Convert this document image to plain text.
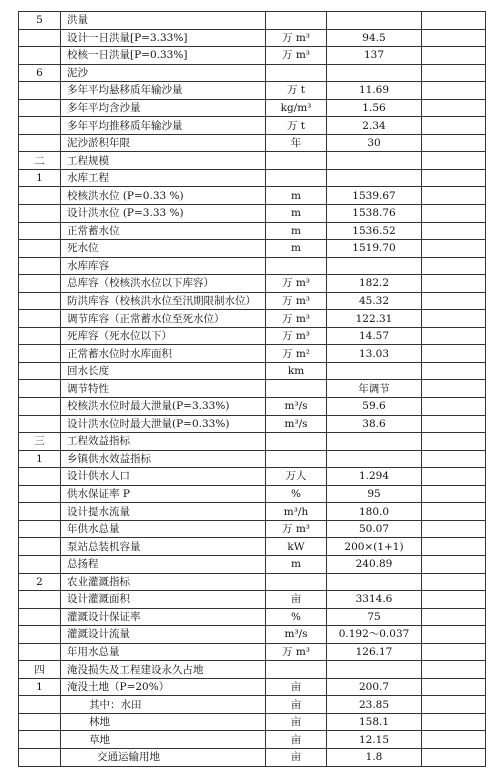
5	洪量			
	设计一日洪量[P=3.33%]	万 m³	94.5	
	校核一日洪量[P=0.33%]	万 m³	137	
6	泥沙			
	多年平均悬移质年输沙量	万 t	11.69	
	多年平均含沙量	kg/m³	1.56	
	多年平均推移质年输沙量	万 t	2.34	
	泥沙淤积年限	年	30	
二	工程规模			
1	水库工程			
	校核洪水位 (P=0.33 %)	m	1539.67	
	设计洪水位 (P=3.33 %)	m	1538.76	
	正常蓄水位	m	1536.52	
	死水位	m	1519.70	
	水库库容			
	总库容（校核洪水位以下库容）	万 m³	182.2	
	防洪库容（校核洪水位至汛期限制水位）	万 m³	45.32	
	调节库容（正常蓄水位至死水位）	万 m³	122.31	
	死库容（死水位以下）	万 m³	14.57	
	正常蓄水位时水库面积	万 m²	13.03	
	回水长度	km		
	调节特性		年调节	
	校核洪水位时最大泄量(P=3.33%)	m³/s	59.6	
	设计洪水位时最大泄量(P=0.33%)	m³/s	38.6	
三	工程效益指标			
1	乡镇供水效益指标			
	设计供水人口	万人	1.294	
	供水保证率 P	%	95	
	设计提水流量	m³/h	180.0	
	年供水总量	万 m³	50.07	
	泵站总装机容量	kW	200×(1+1)	
	总扬程	m	240.89	
2	农业灌溉指标			
	设计灌溉面积	亩	3314.6	
	灌溉设计保证率	%	75	
	灌溉设计流量	m³/s	0.192～0.037	
	年用水总量	万 m³	126.17	
四	淹没损失及工程建设永久占地			
1	淹没土地（P=20%）	亩	200.7	
	其中：水田	亩	23.85	
	林地	亩	158.1	
	草地	亩	12.15	
	交通运输用地	亩	1.8	
